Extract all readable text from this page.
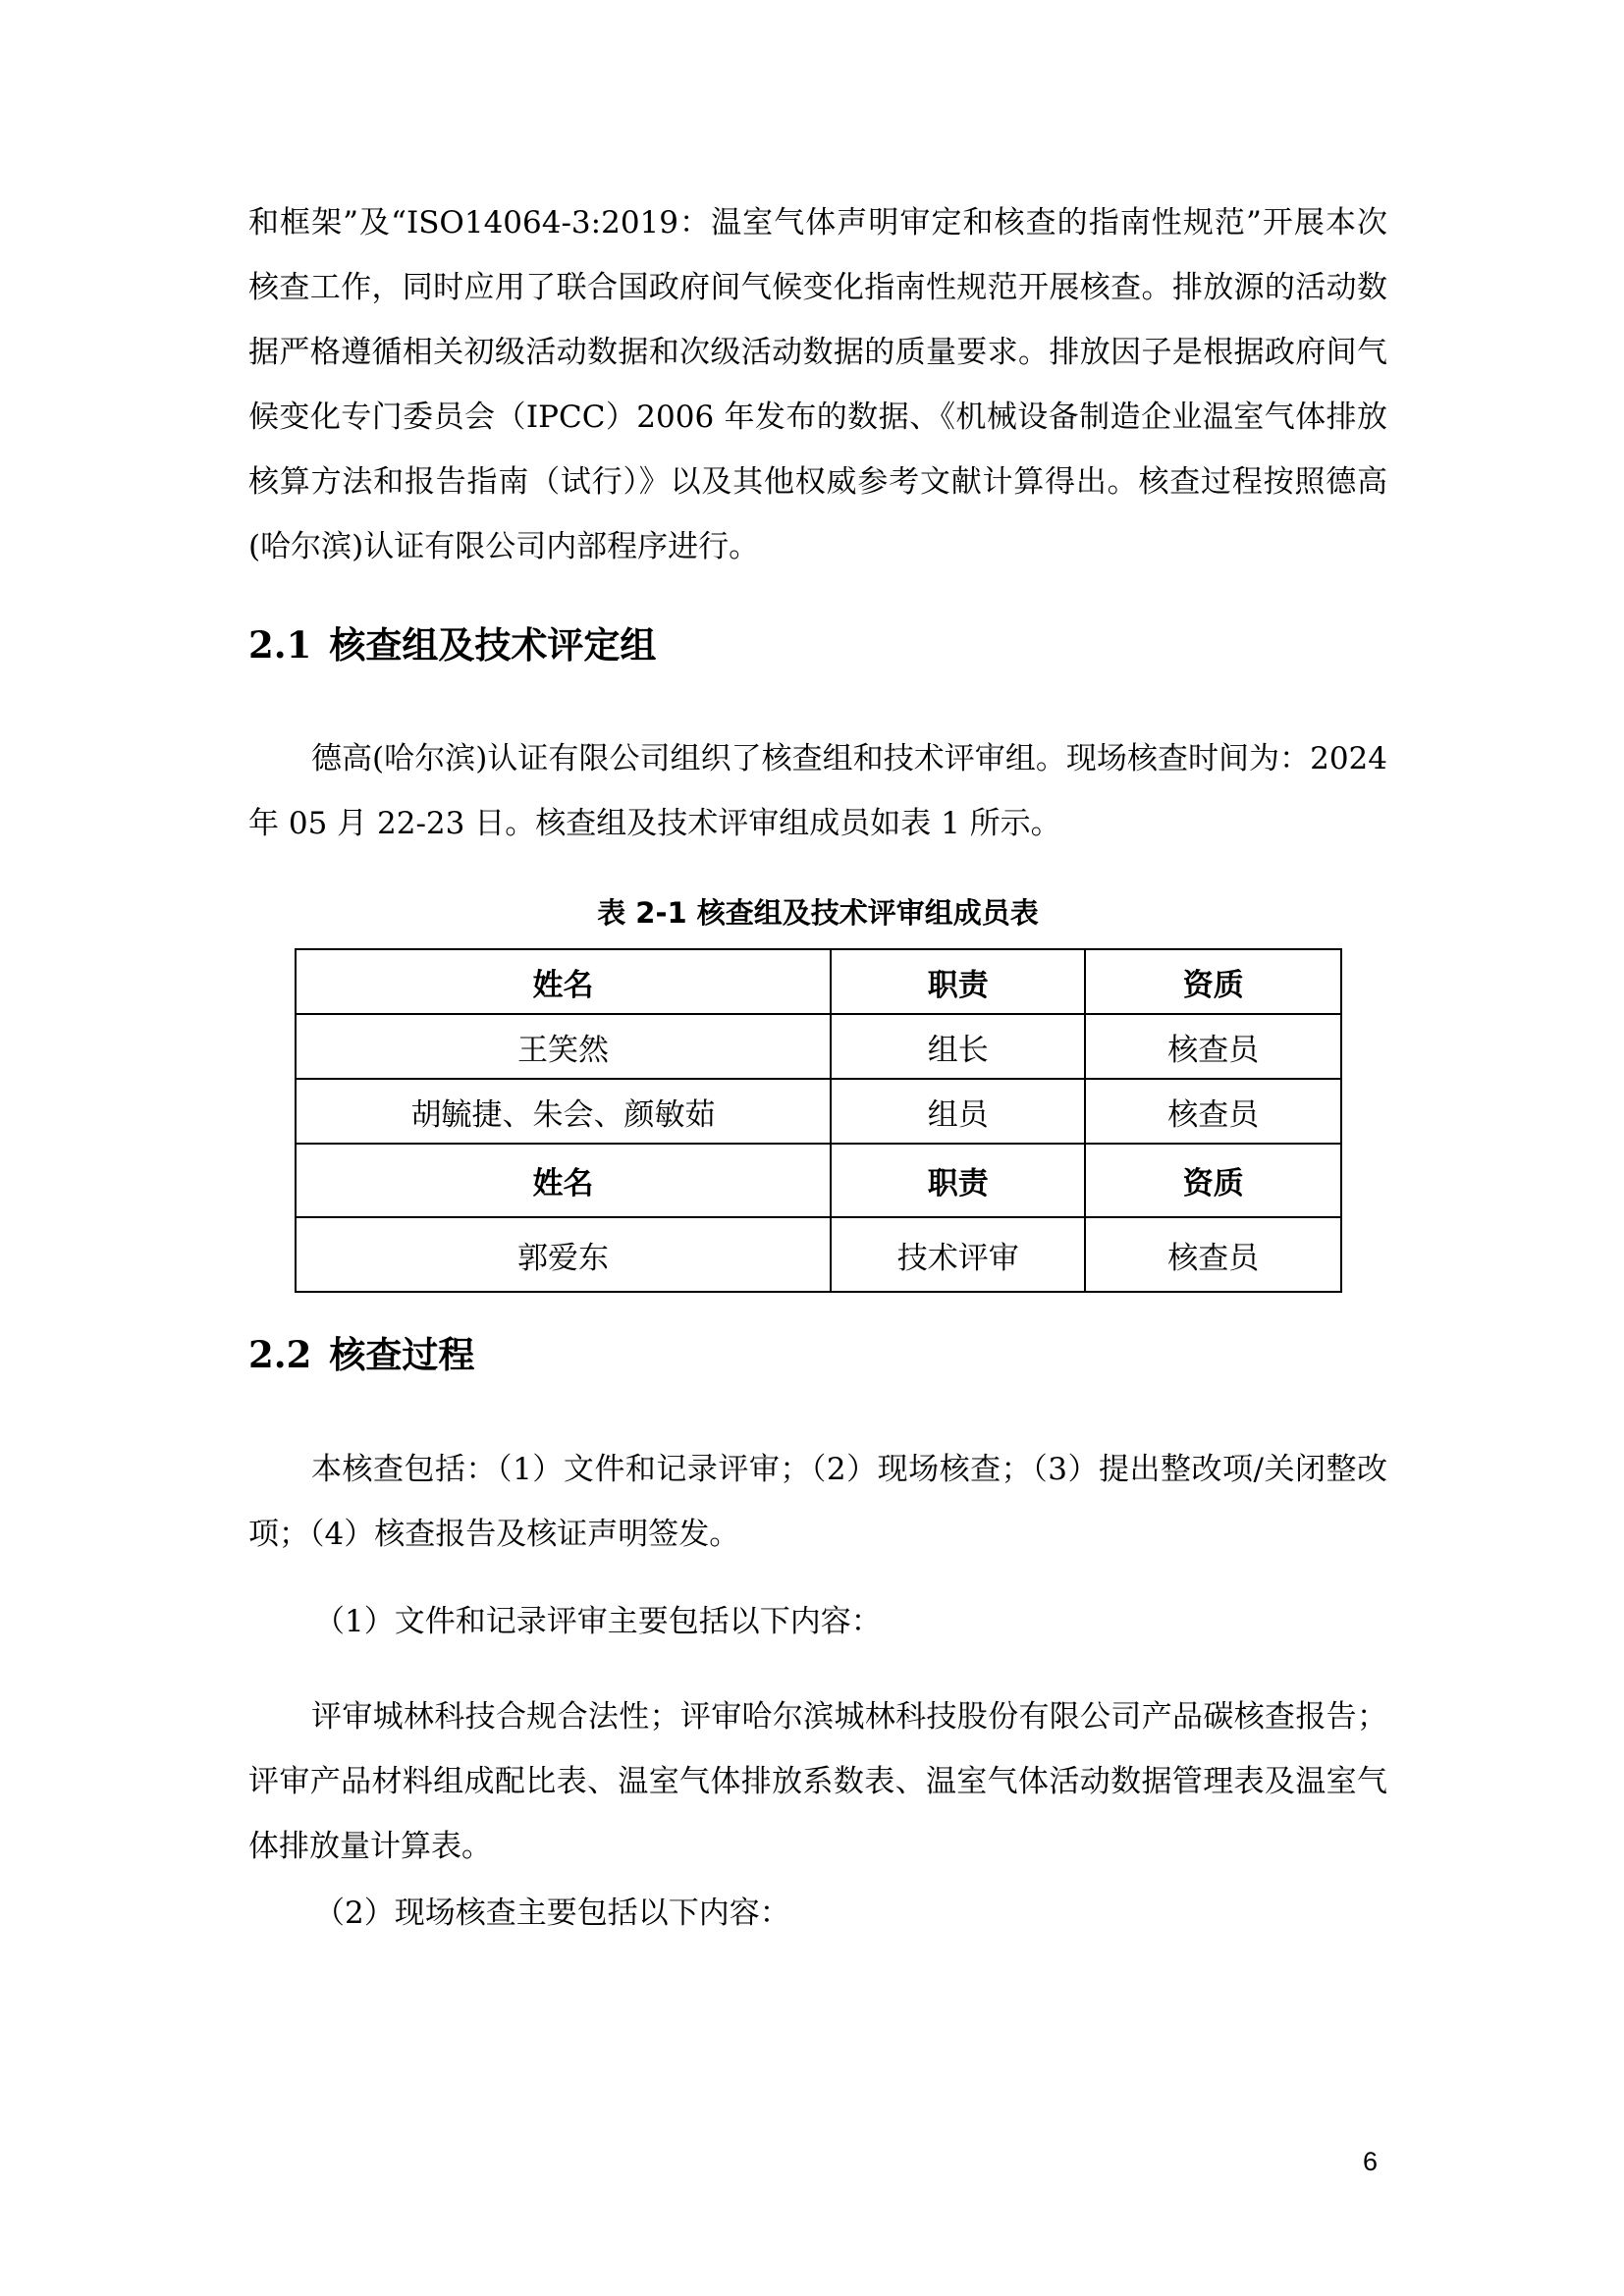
和框架”及“ISO14064-3:2019：温室气体声明审定和核查的指南性规范”开展本次核查工作，同时应用了联合国政府间气候变化指南性规范开展核查。排放源的活动数据严格遵循相关初级活动数据和次级活动数据的质量要求。排放因子是根据政府间气候变化专门委员会（IPCC）2006 年发布的数据、《机械设备制造企业温室气体排放核算方法和报告指南（试行）》以及其他权威参考文献计算得出。核查过程按照德高(哈尔滨)认证有限公司内部程序进行。

2.1 核查组及技术评定组

德高(哈尔滨)认证有限公司组织了核查组和技术评审组。现场核查时间为：2024 年 05 月 22-23 日。核查组及技术评审组成员如表 1 所示。

表 2-1 核查组及技术评审组成员表

姓名	职责	资质
王笑然	组长	核查员
胡毓捷、朱会、颜敏茹	组员	核查员
姓名	职责	资质
郭爱东	技术评审	核查员
2.2 核查过程

本核查包括：（1）文件和记录评审；（2）现场核查；（3）提出整改项/关闭整改项；（4）核查报告及核证声明签发。

（1）文件和记录评审主要包括以下内容：

评审城林科技合规合法性；评审哈尔滨城林科技股份有限公司产品碳核查报告；评审产品材料组成配比表、温室气体排放系数表、温室气体活动数据管理表及温室气体排放量计算表。

（2）现场核查主要包括以下内容：

6
